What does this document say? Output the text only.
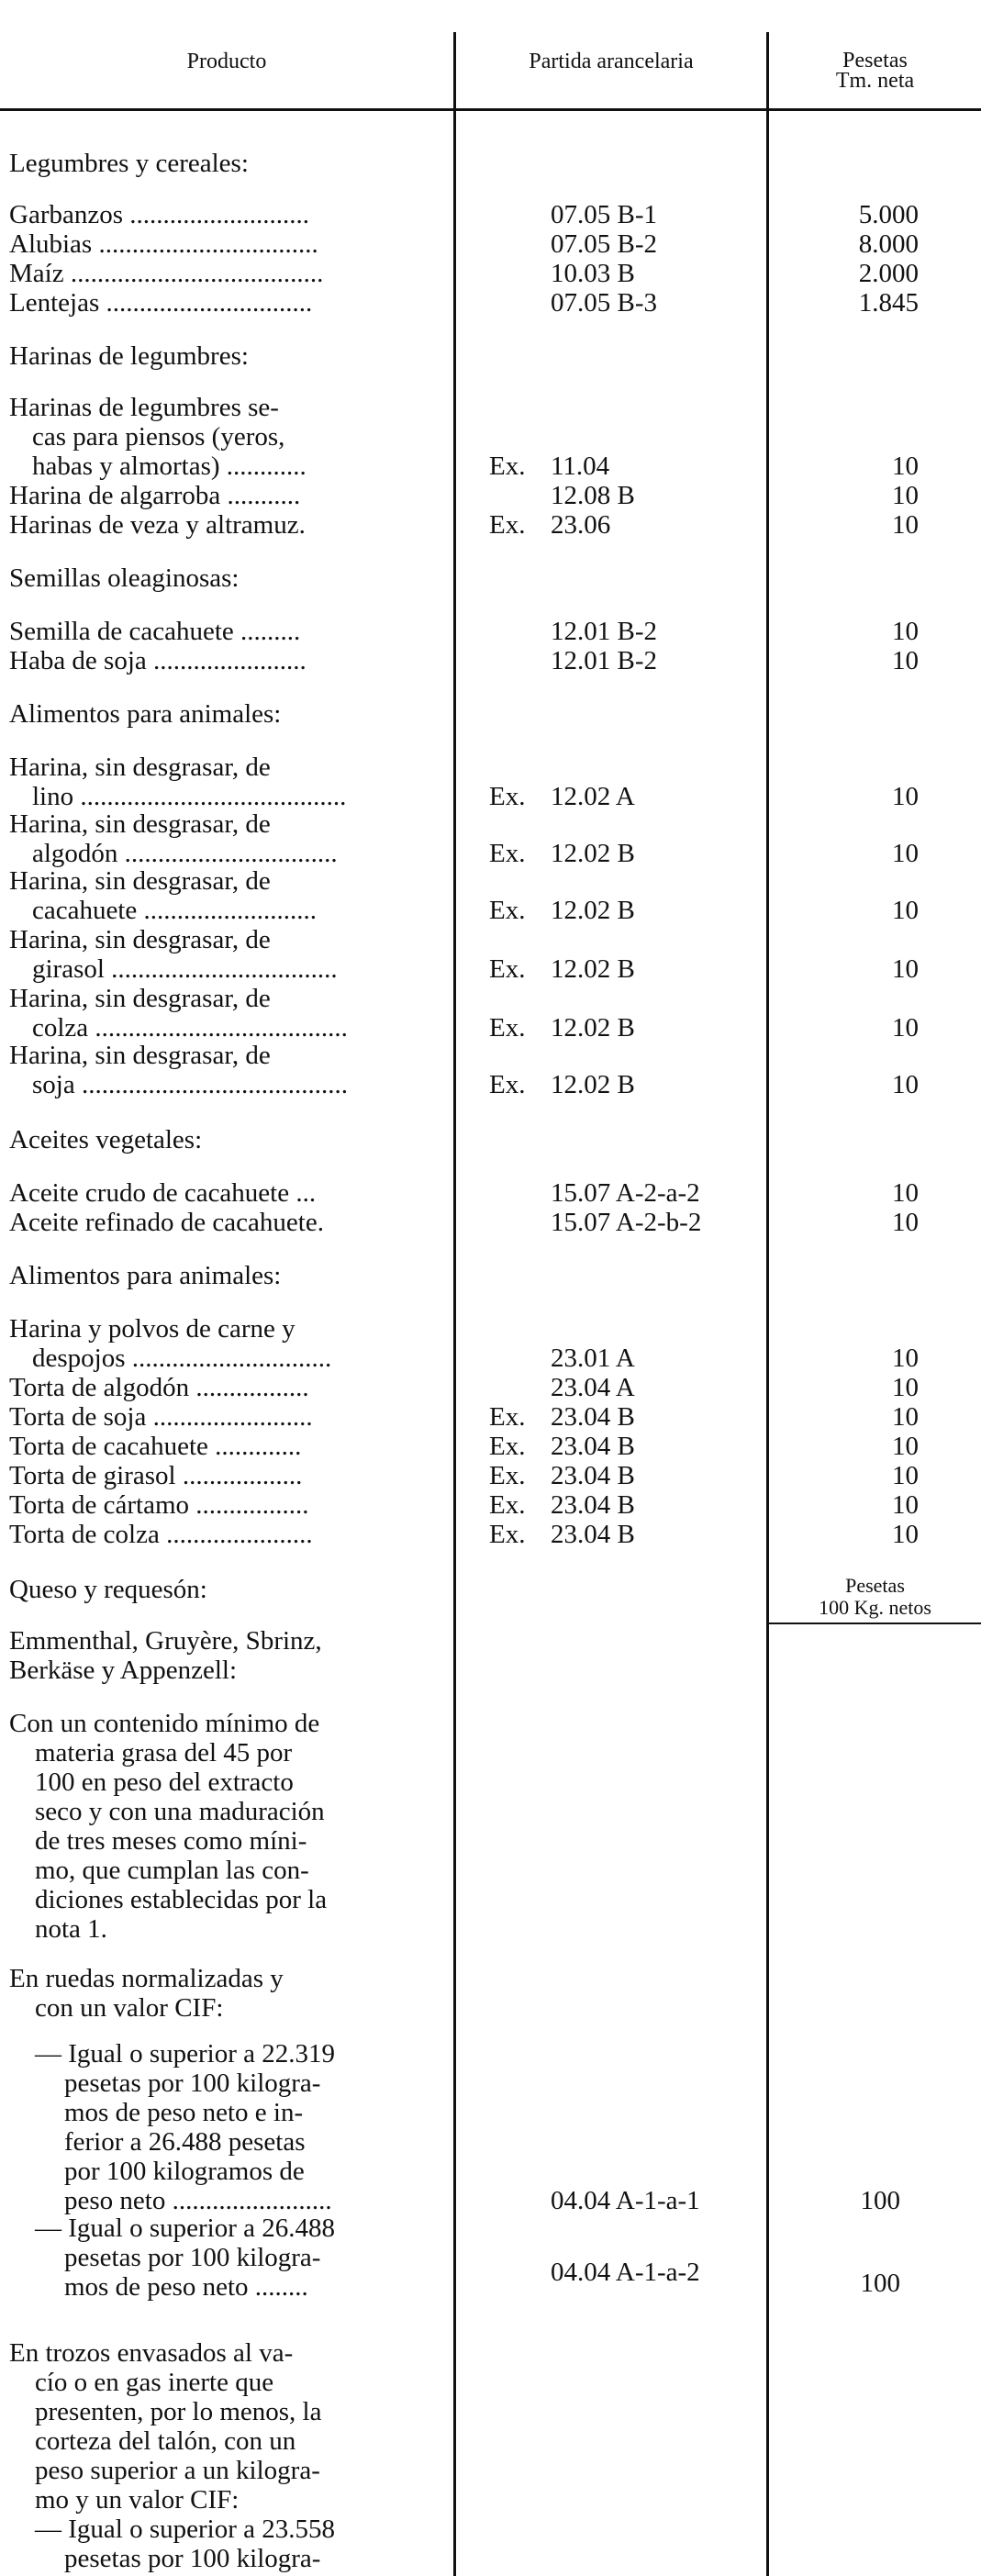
Producto	Partida arancelaria	Pesetas
Tm. neta
Legumbres y cereales:
Garbanzos ...........................	07.05 B-1	5.000
Alubias .................................	07.05 B-2	8.000
Maíz ......................................	10.03 B	2.000
Lentejas ...............................	07.05 B-3	1.845
Harinas de legumbres:
Harinas de legumbres se-
cas para piensos (yeros,
habas y almortas) ............	Ex. 11.04	10
Harina de algarroba ...........	12.08 B	10
Harinas de veza y altramuz.	Ex. 23.06	10
Semillas oleaginosas:
Semilla de cacahuete .........	12.01 B-2	10
Haba de soja .......................	12.01 B-2	10
Alimentos para animales:
Harina, sin desgrasar, de
lino ........................................	Ex. 12.02 A	10
Harina, sin desgrasar, de
algodón ................................	Ex. 12.02 B	10
Harina, sin desgrasar, de
cacahuete ..........................	Ex. 12.02 B	10
Harina, sin desgrasar, de
girasol ..................................	Ex. 12.02 B	10
Harina, sin desgrasar, de
colza ......................................	Ex. 12.02 B	10
Harina, sin desgrasar, de
soja ........................................	Ex. 12.02 B	10
Aceites vegetales:
Aceite crudo de cacahuete ...	15.07 A-2-a-2	10
Aceite refinado de cacahuete.	15.07 A-2-b-2	10
Alimentos para animales:
Harina y polvos de carne y
despojos ..............................	23.01 A	10
Torta de algodón .................	23.04 A	10
Torta de soja ........................	Ex. 23.04 B	10
Torta de cacahuete .............	Ex. 23.04 B	10
Torta de girasol ..................	Ex. 23.04 B	10
Torta de cártamo .................	Ex. 23.04 B	10
Torta de colza ......................	Ex. 23.04 B	10
Queso y requesón:	Pesetas
100 Kg. netos
Emmenthal, Gruyère, Sbrinz,
Berkäse y Appenzell:
Con un contenido mínimo de
materia grasa del 45 por
100 en peso del extracto
seco y con una maduración
de tres meses como míni-
mo, que cumplan las con-
diciones establecidas por la
nota 1.
En ruedas normalizadas y
con un valor CIF:
— Igual o superior a 22.319
pesetas por 100 kilogra-
mos de peso neto e in-
ferior a 26.488 pesetas
por 100 kilogramos de
peso neto ........................	04.04 A-1-a-1	100
— Igual o superior a 26.488
pesetas por 100 kilogra-
mos de peso neto ........	04.04 A-1-a-2	100
En trozos envasados al va-
cío o en gas inerte que
presenten, por lo menos, la
corteza del talón, con un
peso superior a un kilogra-
mo y un valor CIF:
— Igual o superior a 23.558
pesetas por 100 kilogra-
